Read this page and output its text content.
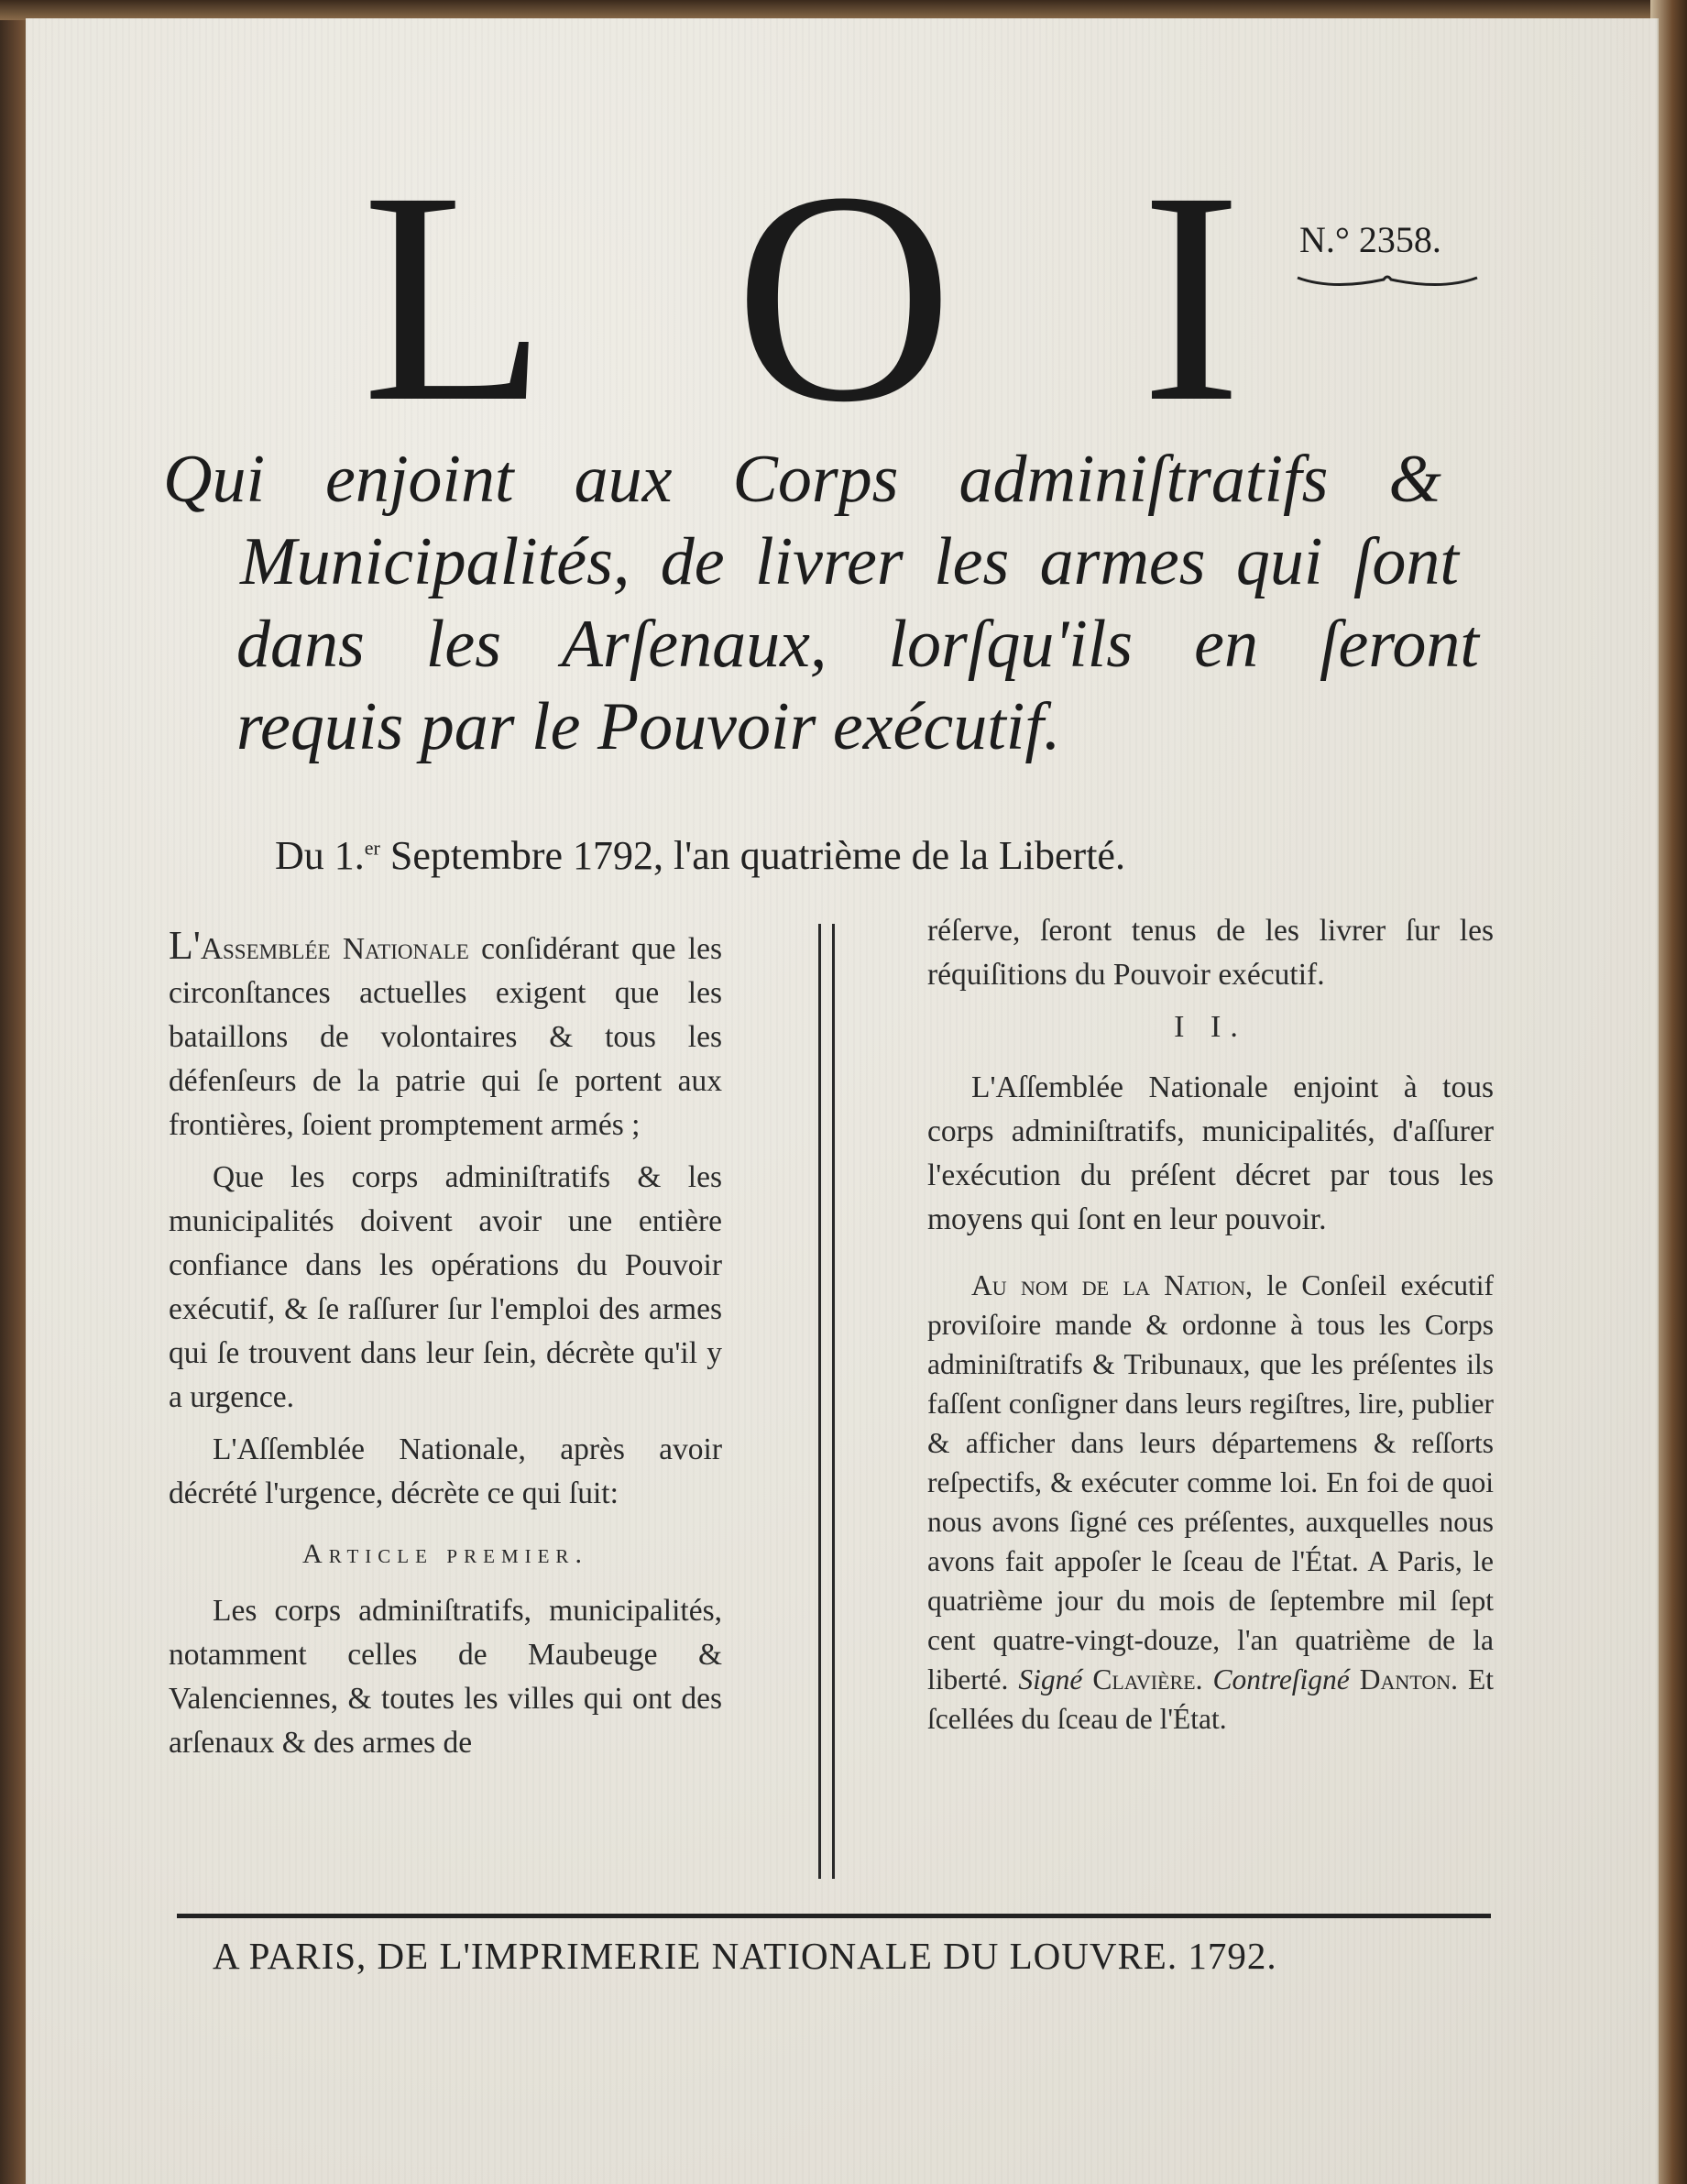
L O I N.° 2358.
Qui enjoint aux Corps adminiſtratifs &
Municipalités, de livrer les armes qui ſont
dans les Arſenaux, lorſqu'ils en ſeront
requis par le Pouvoir exécutif.
Du 1.$^{er}$ Septembre 1792, l'an quatrième de la Liberté.

L'Assemblée Nationale conſidérant que les circonſtances actuelles exigent que les bataillons de volontaires & tous les défenſeurs de la patrie qui ſe portent aux frontières, ſoient promptement armés ;

Que les corps adminiſtratifs & les municipalités doivent avoir une entière confiance dans les opérations du Pouvoir exécutif, & ſe raſſurer ſur l'emploi des armes qui ſe trouvent dans leur ſein, décrète qu'il y a urgence.

L'Aſſemblée Nationale, après avoir décrété l'urgence, décrète ce qui ſuit:

Article premier.

Les corps adminiſtratifs, municipalités, notamment celles de Maubeuge & Valenciennes, & toutes les villes qui ont des arſenaux & des armes de

réſerve, ſeront tenus de les livrer ſur les réquiſitions du Pouvoir exécutif.

I I.

L'Aſſemblée Nationale enjoint à tous corps adminiſtratifs, municipalités, d'aſſurer l'exécution du préſent décret par tous les moyens qui ſont en leur pouvoir.

Au nom de la Nation, le Conſeil exécutif proviſoire mande & ordonne à tous les Corps adminiſtratifs & Tribunaux, que les préſentes ils faſſent conſigner dans leurs regiſtres, lire, publier & afficher dans leurs départemens & reſſorts reſpectifs, & exécuter comme loi. En foi de quoi nous avons ſigné ces préſentes, auxquelles nous avons fait appoſer le ſceau de l'État. A Paris, le quatrième jour du mois de ſeptembre mil ſept cent quatre-vingt-douze, l'an quatrième de la liberté. Signé Clavière. Contreſigné Danton. Et ſcellées du ſceau de l'État.

A PARIS, DE L'IMPRIMERIE NATIONALE DU LOUVRE. 1792.
